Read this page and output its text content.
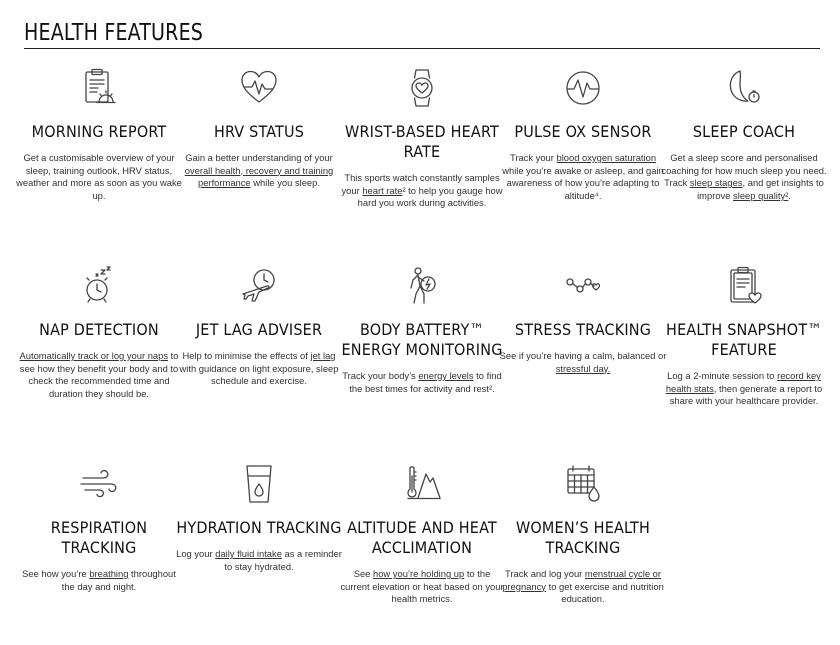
HEALTH FEATURES
MORNING REPORT

Get a customisable overview of your sleep, training outlook, HRV status, weather and more as soon as you wake up.

HRV STATUS

Gain a better understanding of your overall health, recovery and training performance while you sleep.

WRIST-BASED HEART RATE

This sports watch constantly samples your heart rate² to help you gauge how hard you work during activities.

PULSE OX SENSOR

Track your blood oxygen saturation while you’re awake or asleep, and gain awareness of how you’re adapting to altitude⁴.

SLEEP COACH

Get a sleep score and personalised coaching for how much sleep you need. Track sleep stages, and get insights to improve sleep quality².

NAP DETECTION

Automatically track or log your naps to see how they benefit your body and to check the recommended time and duration they should be.

JET LAG ADVISER

Help to minimise the effects of jet lag with guidance on light exposure, sleep schedule and exercise.

BODY BATTERY™ ENERGY MONITORING

Track your body’s energy levels to find the best times for activity and rest².

STRESS TRACKING

See if you’re having a calm, balanced or stressful day.

HEALTH SNAPSHOT™ FEATURE

Log a 2-minute session to record key health stats, then generate a report to share with your healthcare provider.

RESPIRATION TRACKING

See how you’re breathing throughout the day and night.

HYDRATION TRACKING

Log your daily fluid intake as a reminder to stay hydrated.

ALTITUDE AND HEAT ACCLIMATION

See how you’re holding up to the current elevation or heat based on your health metrics.

WOMEN’S HEALTH TRACKING

Track and log your menstrual cycle or pregnancy to get exercise and nutrition education.
